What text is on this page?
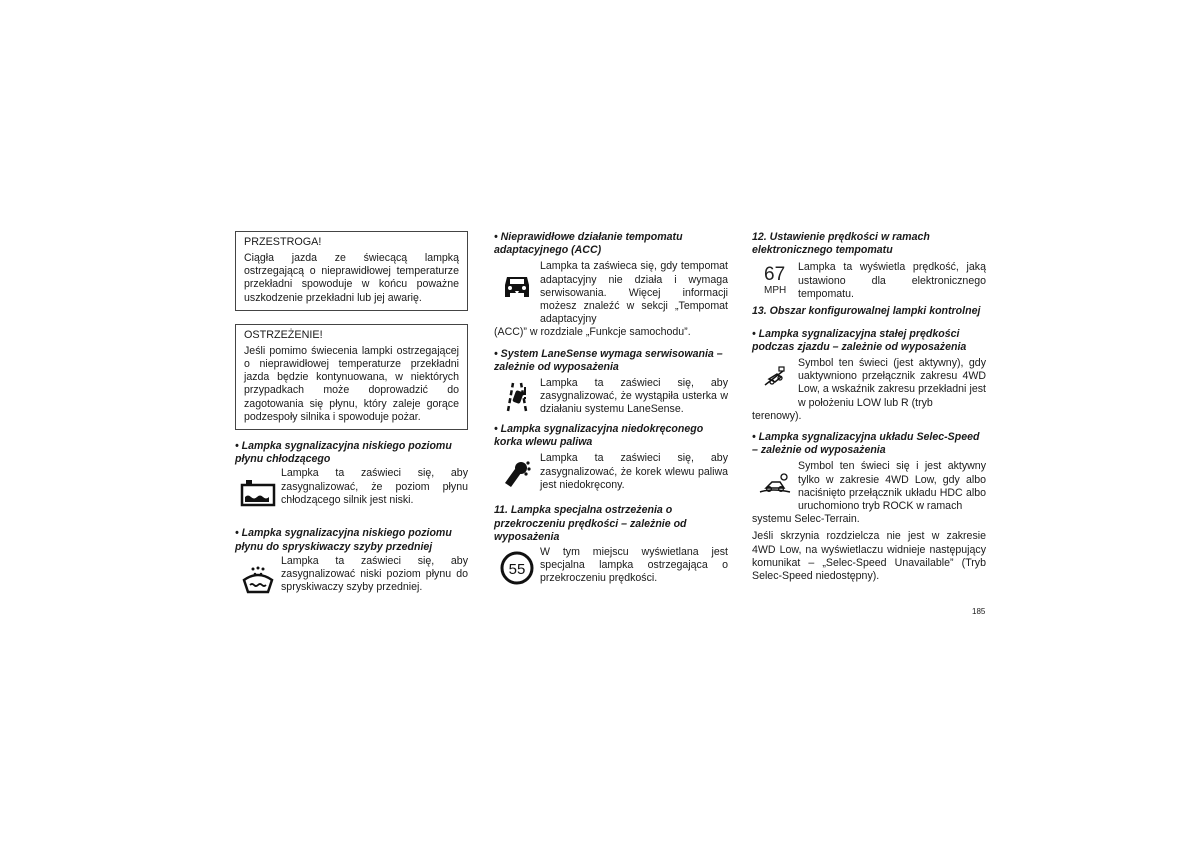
PRZESTROGA!

Ciągła jazda ze świecącą lampką ostrzegającą o nieprawidłowej temperaturze przekładni spowoduje w końcu poważne uszkodzenie przekładni lub jej awarię.

OSTRZEŻENIE!

Jeśli pomimo świecenia lampki ostrzegającej o nieprawidłowej temperaturze przekładni jazda będzie kontynuowana, w niektórych przypadkach może doprowadzić do zagotowania się płynu, który zaleje gorące podzespoły silnika i spowoduje pożar.

• Lampka sygnalizacyjna niskiego poziomu płynu chłodzącego

Lampka ta zaświeci się, aby zasygnalizować, że poziom płynu chłodzącego silnik jest niski.

• Lampka sygnalizacyjna niskiego poziomu płynu do spryskiwaczy szyby przedniej

Lampka ta zaświeci się, aby zasygnalizować niski poziom płynu do spryskiwaczy szyby przedniej.

• Nieprawidłowe działanie tempomatu adaptacyjnego (ACC)

Lampka ta zaświeca się, gdy tempomat adaptacyjny nie działa i wymaga serwisowania. Więcej informacji możesz znaleźć w sekcji „Tempomat adaptacyjny

(ACC)” w rozdziale „Funkcje samochodu”.

• System LaneSense wymaga serwisowania – zależnie od wyposażenia

Lampka ta zaświeci się, aby zasygnalizować, że wystąpiła usterka w działaniu systemu LaneSense.

• Lampka sygnalizacyjna niedokręconego korka wlewu paliwa

Lampka ta zaświeci się, aby zasygnalizować, że korek wlewu paliwa jest niedokręcony.

11. Lampka specjalna ostrzeżenia o przekroczeniu prędkości – zależnie od wyposażenia

55

W tym miejscu wyświetlana jest specjalna lampka ostrzegająca o przekroczeniu prędkości.

12. Ustawienie prędkości w ramach elektronicznego tempomatu

67
MPH

Lampka ta wyświetla prędkość, jaką ustawiono dla elektronicznego tempomatu.

13. Obszar konfigurowalnej lampki kontrolnej

• Lampka sygnalizacyjna stałej prędkości podczas zjazdu – zależnie od wyposażenia

Symbol ten świeci (jest aktywny), gdy uaktywniono przełącznik zakresu 4WD Low, a wskaźnik zakresu przekładni jest w położeniu LOW lub R (tryb

terenowy).

• Lampka sygnalizacyjna układu Selec-Speed – zależnie od wyposażenia

Symbol ten świeci się i jest aktywny tylko w zakresie 4WD Low, gdy albo naciśnięto przełącznik układu HDC albo uruchomiono tryb ROCK w ramach

systemu Selec-Terrain.

Jeśli skrzynia rozdzielcza nie jest w zakresie 4WD Low, na wyświetlaczu widnieje następujący komunikat – „Selec-Speed Unavailable” (Tryb Selec-Speed niedostępny).

185
